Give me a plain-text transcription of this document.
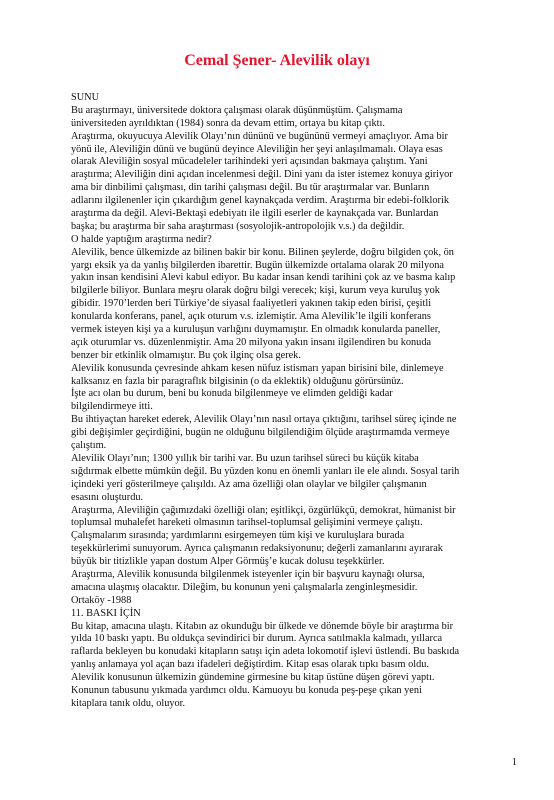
Cemal Şener- Alevilik olayı
SUNU
Bu araştırmayı, üniversitede doktora çalışması olarak düşünmüştüm. Çalışmama
üniversiteden ayrıldıktan (1984) sonra da devam ettim, ortaya bu kitap çıktı.
Araştırma, okuyucuya Alevilik Olayı’nın dününü ve bugününü vermeyi amaçlıyor. Ama bir
yönü ile, Aleviliğin dünü ve bugünü deyince Aleviliğin her şeyi anlaşılmamalı. Olaya esas
olarak Aleviliğin sosyal mücadeleler tarihindeki yeri açısından bakmaya çalıştım. Yani
araştırma; Aleviliğin dini açıdan incelenmesi değil. Dini yanı da ister istemez konuya giriyor
ama bir dinbilimi çalışması, din tarihi çalışması değil. Bu tür araştırmalar var. Bunların
adlarını ilgilenenler için çıkardığım genel kaynakçada verdim. Araştırma bir edebi-folklorik
araştırma da değil. Alevi-Bektaşi edebiyatı ile ilgili eserler de kaynakçada var. Bunlardan
başka; bu araştırma bir saha araştırması (sosyolojik-antropolojik v.s.) da değildir.
O halde yaptığım araştırma nedir?
Alevilik, bence ülkemizde az bilinen bakir bir konu. Bilinen şeylerde, doğru bilgiden çok, ön
yargı eksik ya da yanlış bilgilerden ibarettir. Bugün ülkemizde ortalama olarak 20 milyona
yakın insan kendisini Alevi kabul ediyor. Bu kadar insan kendi tarihini çok az ve basma kalıp
bilgilerle biliyor. Bunlara meşru olarak doğru bilgi verecek; kişi, kurum veya kuruluş yok
gibidir. 1970’lerden beri Türkiye’de siyasal faaliyetleri yakınen takip eden birisi, çeşitli
konularda konferans, panel, açık oturum v.s. izlemiştir. Ama Alevilik’le ilgili konferans
vermek isteyen kişi ya a kuruluşun varlığını duymamıştır. En olmadık konularda paneller,
açık oturumlar vs. düzenlenmiştir. Ama 20 milyona yakın insanı ilgilendiren bu konuda
benzer bir etkinlik olmamıştır. Bu çok ilginç olsa gerek.
Alevilik konusunda çevresinde ahkam kesen nüfuz istismarı yapan birisini bile, dinlemeye
kalksanız en fazla bir paragraflık bilgisinin (o da eklektik) olduğunu görürsünüz.
İşte acı olan bu durum, beni bu konuda bilgilenmeye ve elimden geldiği kadar
bilgilendirmeye itti.
Bu ihtiyaçtan hareket ederek, Alevilik Olayı’nın nasıl ortaya çıktığını, tarihsel süreç içinde ne
gibi değişimler geçirdiğini, bugün ne olduğunu bilgilendiğim ölçüde araştırmamda vermeye
çalıştım.
Alevilik Olayı’nın; 1300 yıllık bir tarihi var. Bu uzun tarihsel süreci bu küçük kitaba
sığdırmak elbette mümkün değil. Bu yüzden konu en önemli yanları ile ele alındı. Sosyal tarih
içindeki yeri gösterilmeye çalışıldı. Az ama özelliği olan olaylar ve bilgiler çalışmanın
esasını oluşturdu.
Araştırma, Aleviliğin çağımızdaki özelliği olan; eşitlikçi, özgürlükçü, demokrat, hümanist bir
toplumsal muhalefet hareketi olmasının tarihsel-toplumsal gelişimini vermeye çalıştı.
Çalışmalarım sırasında; yardımlarını esirgemeyen tüm kişi ve kuruluşlara burada
teşekkürlerimi sunuyorum. Ayrıca çalışmanın redaksiyonunu; değerli zamanlarını ayırarak
büyük bir titizlikle yapan dostum Alper Görmüş’e kucak dolusu teşekkürler.
Araştırma, Alevilik konusunda bilgilenmek isteyenler için bir başvuru kaynağı olursa,
amacına ulaşmış olacaktır. Dileğim, bu konunun yeni çalışmalarla zenginleşmesidir.
Ortaköy -1988
11. BASKI İÇİN
Bu kitap, amacına ulaştı. Kitabın az okunduğu bir ülkede ve dönemde böyle bir araştırma bir
yılda 10 baskı yaptı. Bu oldukça sevindirici bir durum. Ayrıca satılmakla kalmadı, yıllarca
raflarda bekleyen bu konudaki kitapların satışı için adeta lokomotif işlevi üstlendi. Bu baskıda
yanlış anlamaya yol açan bazı ifadeleri değiştirdim. Kitap esas olarak tıpkı basım oldu.
Alevilik konusunun ülkemizin gündemine girmesine bu kitap üstüne düşen görevi yaptı.
Konunun tabusunu yıkmada yardımcı oldu. Kamuoyu bu konuda peş-peşe çıkan yeni
kitaplara tanık oldu, oluyor.
1
